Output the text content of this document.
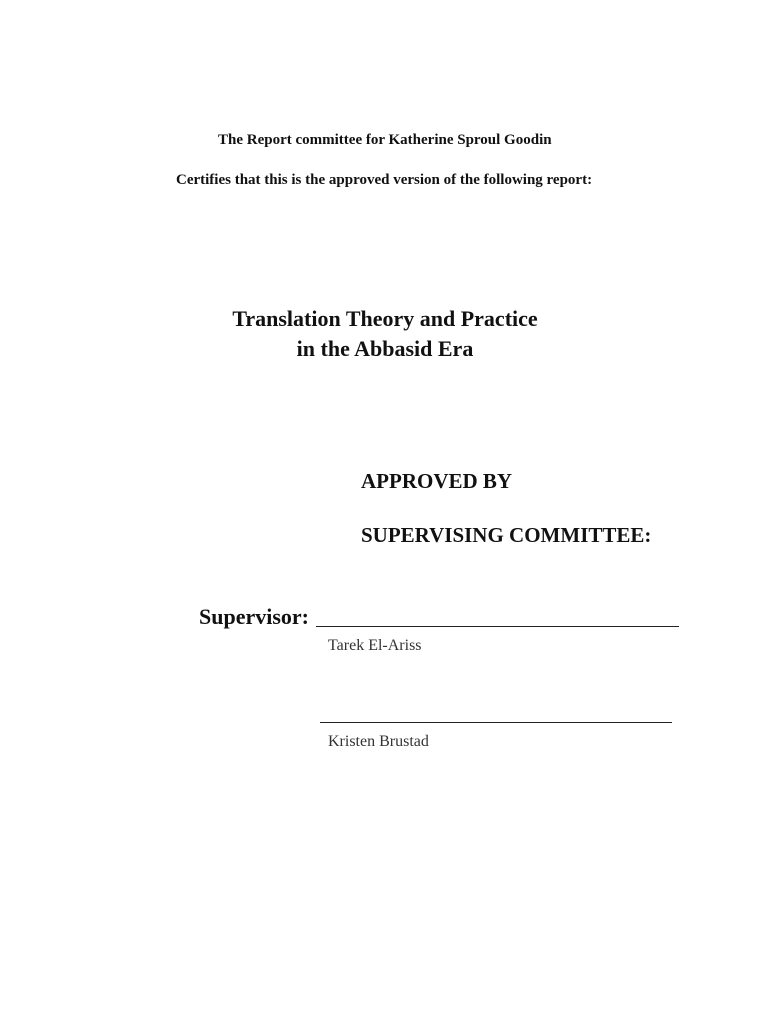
The Report committee for Katherine Sproul Goodin
Certifies that this is the approved version of the following report:
Translation Theory and Practice
in the Abbasid Era
APPROVED BY
SUPERVISING COMMITTEE:
Supervisor:
Tarek El-Ariss
Kristen Brustad
